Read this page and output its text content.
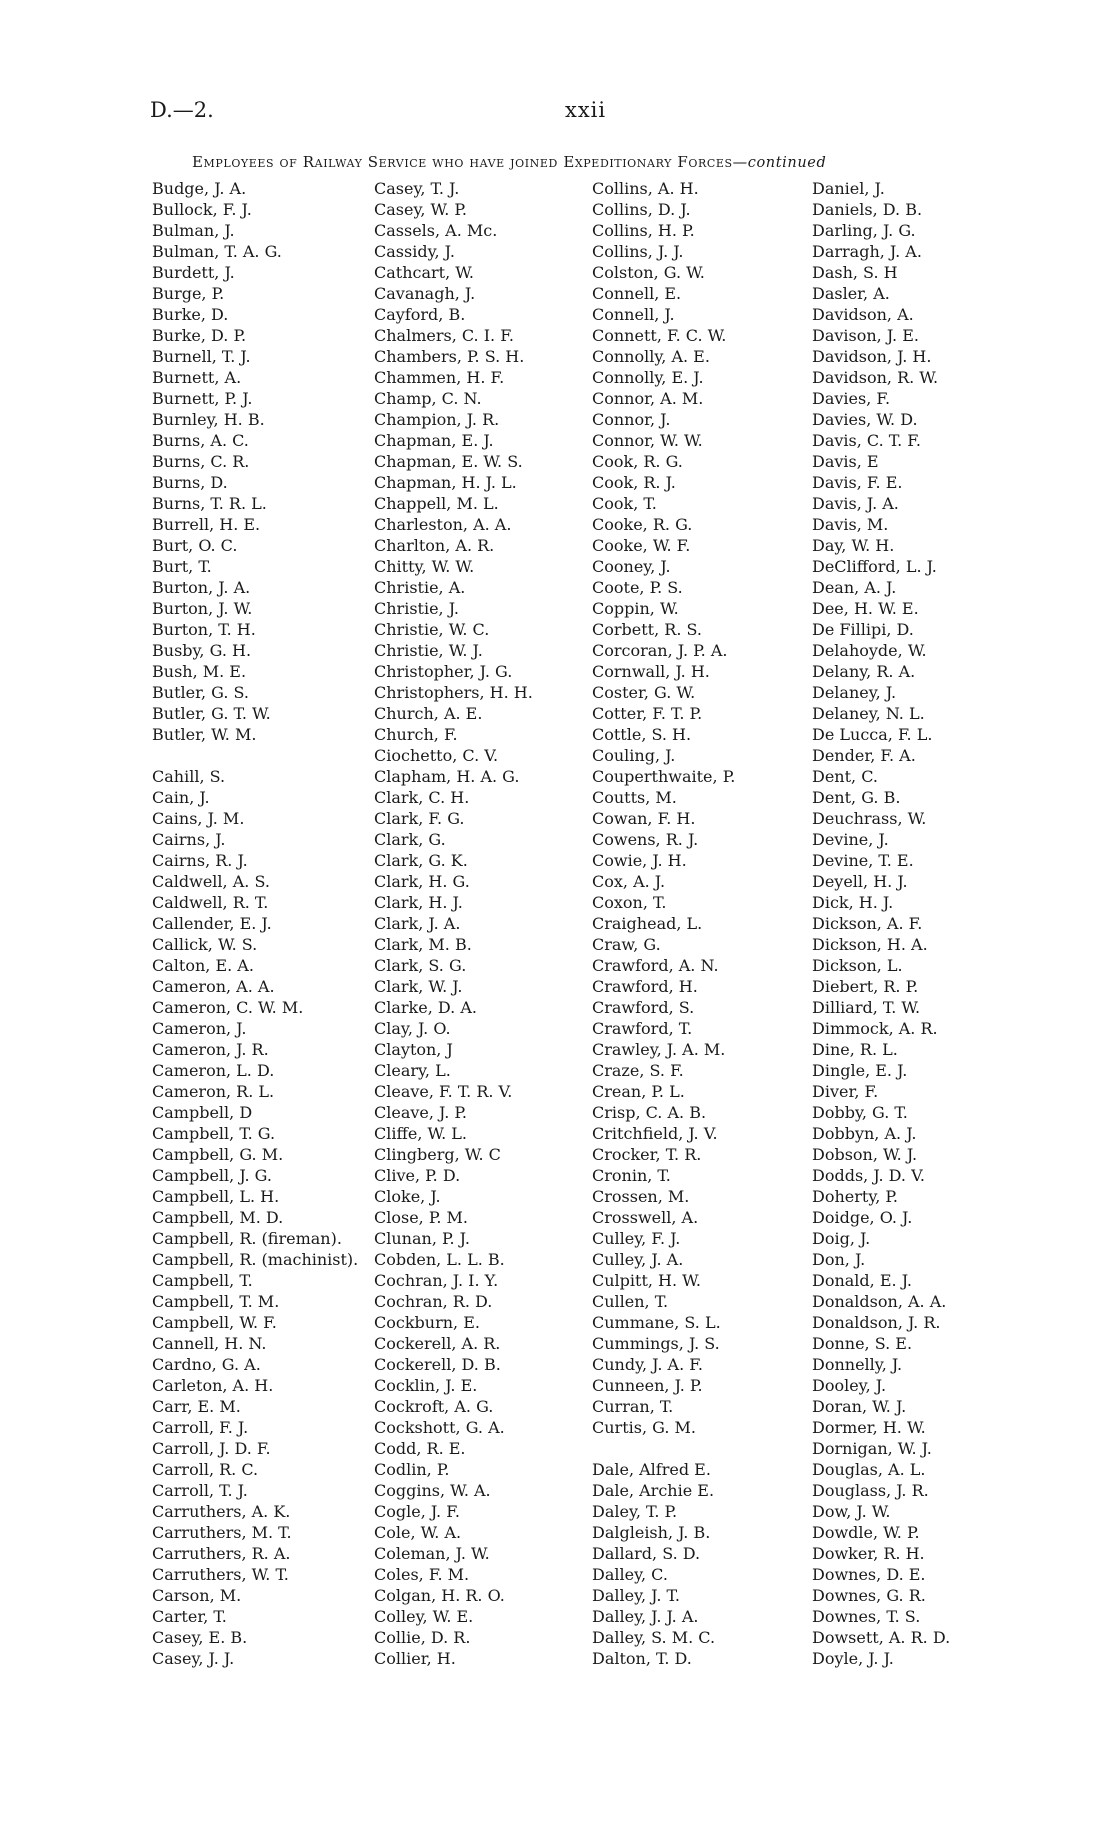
D.—2.	xxii
Employees of Railway Service who have joined Expeditionary Forces—continued
Budge, J. A.
Bullock, F. J.
Bulman, J.
Bulman, T. A. G.
Burdett, J.
Burge, P.
Burke, D.
Burke, D. P.
Burnell, T. J.
Burnett, A.
Burnett, P. J.
Burnley, H. B.
Burns, A. C.
Burns, C. R.
Burns, D.
Burns, T. R. L.
Burrell, H. E.
Burt, O. C.
Burt, T.
Burton, J. A.
Burton, J. W.
Burton, T. H.
Busby, G. H.
Bush, M. E.
Butler, G. S.
Butler, G. T. W.
Butler, W. M.
Cahill, S.
Cain, J.
Cains, J. M.
Cairns, J.
Cairns, R. J.
Caldwell, A. S.
Caldwell, R. T.
Callender, E. J.
Callick, W. S.
Calton, E. A.
Cameron, A. A.
Cameron, C. W. M.
Cameron, J.
Cameron, J. R.
Cameron, L. D.
Cameron, R. L.
Campbell, D
Campbell, T. G.
Campbell, G. M.
Campbell, J. G.
Campbell, L. H.
Campbell, M. D.
Campbell, R. (fireman).
Campbell, R. (machinist).
Campbell, T.
Campbell, T. M.
Campbell, W. F.
Cannell, H. N.
Cardno, G. A.
Carleton, A. H.
Carr, E. M.
Carroll, F. J.
Carroll, J. D. F.
Carroll, R. C.
Carroll, T. J.
Carruthers, A. K.
Carruthers, M. T.
Carruthers, R. A.
Carruthers, W. T.
Carson, M.
Carter, T.
Casey, E. B.
Casey, J. J.
Casey, T. J.
Casey, W. P.
Cassels, A. Mc.
Cassidy, J.
Cathcart, W.
Cavanagh, J.
Cayford, B.
Chalmers, C. I. F.
Chambers, P. S. H.
Chammen, H. F.
Champ, C. N.
Champion, J. R.
Chapman, E. J.
Chapman, E. W. S.
Chapman, H. J. L.
Chappell, M. L.
Charleston, A. A.
Charlton, A. R.
Chitty, W. W.
Christie, A.
Christie, J.
Christie, W. C.
Christie, W. J.
Christopher, J. G.
Christophers, H. H.
Church, A. E.
Church, F.
Ciochetto, C. V.
Clapham, H. A. G.
Clark, C. H.
Clark, F. G.
Clark, G.
Clark, G. K.
Clark, H. G.
Clark, H. J.
Clark, J. A.
Clark, M. B.
Clark, S. G.
Clark, W. J.
Clarke, D. A.
Clay, J. O.
Clayton, J
Cleary, L.
Cleave, F. T. R. V.
Cleave, J. P.
Cliffe, W. L.
Clingberg, W. C
Clive, P. D.
Cloke, J.
Close, P. M.
Clunan, P. J.
Cobden, L. L. B.
Cochran, J. I. Y.
Cochran, R. D.
Cockburn, E.
Cockerell, A. R.
Cockerell, D. B.
Cocklin, J. E.
Cockroft, A. G.
Cockshott, G. A.
Codd, R. E.
Codlin, P.
Coggins, W. A.
Cogle, J. F.
Cole, W. A.
Coleman, J. W.
Coles, F. M.
Colgan, H. R. O.
Colley, W. E.
Collie, D. R.
Collier, H.
Collins, A. H.
Collins, D. J.
Collins, H. P.
Collins, J. J.
Colston, G. W.
Connell, E.
Connell, J.
Connett, F. C. W.
Connolly, A. E.
Connolly, E. J.
Connor, A. M.
Connor, J.
Connor, W. W.
Cook, R. G.
Cook, R. J.
Cook, T.
Cooke, R. G.
Cooke, W. F.
Cooney, J.
Coote, P. S.
Coppin, W.
Corbett, R. S.
Corcoran, J. P. A.
Cornwall, J. H.
Coster, G. W.
Cotter, F. T. P.
Cottle, S. H.
Couling, J.
Couperthwaite, P.
Coutts, M.
Cowan, F. H.
Cowens, R. J.
Cowie, J. H.
Cox, A. J.
Coxon, T.
Craighead, L.
Craw, G.
Crawford, A. N.
Crawford, H.
Crawford, S.
Crawford, T.
Crawley, J. A. M.
Craze, S. F.
Crean, P. L.
Crisp, C. A. B.
Critchfield, J. V.
Crocker, T. R.
Cronin, T.
Crossen, M.
Crosswell, A.
Culley, F. J.
Culley, J. A.
Culpitt, H. W.
Cullen, T.
Cummane, S. L.
Cummings, J. S.
Cundy, J. A. F.
Cunneen, J. P.
Curran, T.
Curtis, G. M.
Dale, Alfred E.
Dale, Archie E.
Daley, T. P.
Dalgleish, J. B.
Dallard, S. D.
Dalley, C.
Dalley, J. T.
Dalley, J. J. A.
Dalley, S. M. C.
Dalton, T. D.
Daniel, J.
Daniels, D. B.
Darling, J. G.
Darragh, J. A.
Dash, S. H
Dasler, A.
Davidson, A.
Davison, J. E.
Davidson, J. H.
Davidson, R. W.
Davies, F.
Davies, W. D.
Davis, C. T. F.
Davis, E
Davis, F. E.
Davis, J. A.
Davis, M.
Day, W. H.
DeClifford, L. J.
Dean, A. J.
Dee, H. W. E.
De Fillipi, D.
Delahoyde, W.
Delany, R. A.
Delaney, J.
Delaney, N. L.
De Lucca, F. L.
Dender, F. A.
Dent, C.
Dent, G. B.
Deuchrass, W.
Devine, J.
Devine, T. E.
Deyell, H. J.
Dick, H. J.
Dickson, A. F.
Dickson, H. A.
Dickson, L.
Diebert, R. P.
Dilliard, T. W.
Dimmock, A. R.
Dine, R. L.
Dingle, E. J.
Diver, F.
Dobby, G. T.
Dobbyn, A. J.
Dobson, W. J.
Dodds, J. D. V.
Doherty, P.
Doidge, O. J.
Doig, J.
Don, J.
Donald, E. J.
Donaldson, A. A.
Donaldson, J. R.
Donne, S. E.
Donnelly, J.
Dooley, J.
Doran, W. J.
Dormer, H. W.
Dornigan, W. J.
Douglas, A. L.
Douglass, J. R.
Dow, J. W.
Dowdle, W. P.
Dowker, R. H.
Downes, D. E.
Downes, G. R.
Downes, T. S.
Dowsett, A. R. D.
Doyle, J. J.
